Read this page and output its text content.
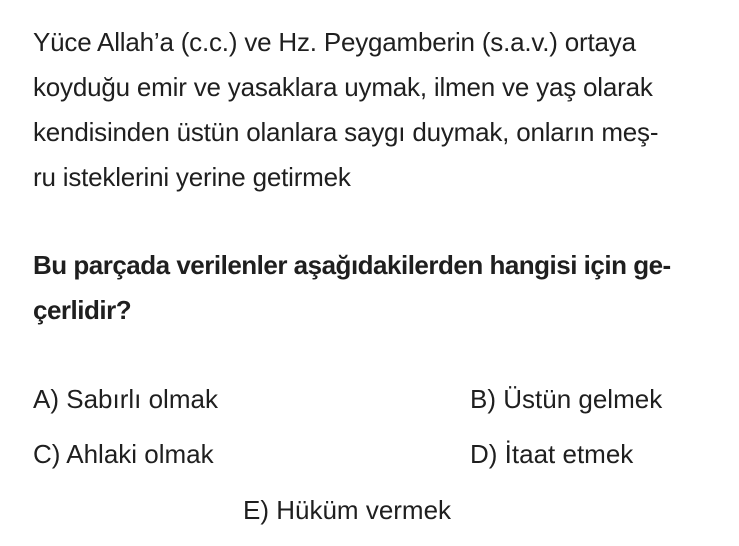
Yüce Allah’a (c.c.) ve Hz. Peygamberin (s.a.v.) ortaya
koyduğu emir ve yasaklara uymak, ilmen ve yaş olarak
kendisinden üstün olanlara saygı duymak, onların meş-
ru isteklerini yerine getirmek

Bu parçada verilenler aşağıdakilerden hangisi için ge-
çerlidir?

A) Sabırlı olmak	B) Üstün gelmek
C) Ahlaki olmak	D) İtaat etmek
E) Hüküm vermek
